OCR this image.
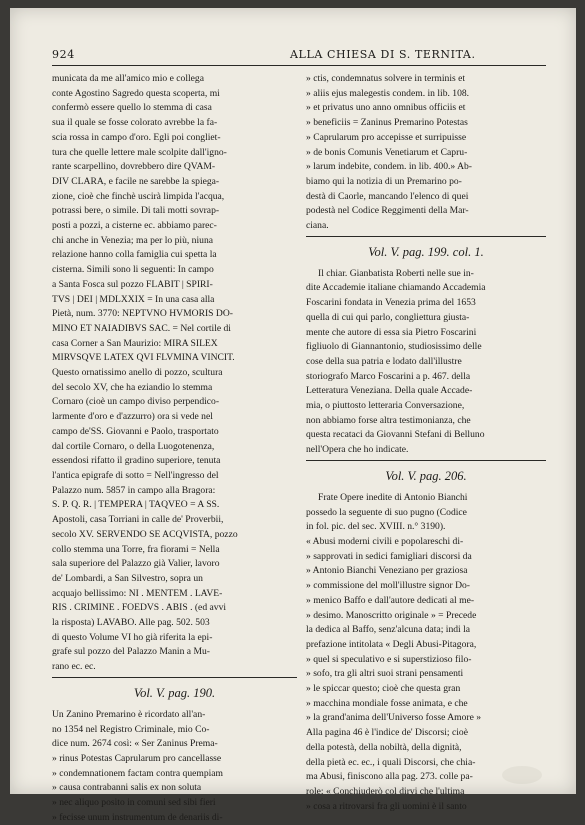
924	ALLA CHIESA DI S. TERNITA.
municata da me all'amico mio e collega
conte Agostino Sagredo questa scoperta, mi
confermò essere quello lo stemma di casa
sua il quale se fosse colorato avrebbe la fa-
scia rossa in campo d'oro. Egli poi congliet-
tura che quelle lettere male scolpite dall'igno-
rante scarpellino, dovrebbero dire QVAM-
DIV CLARA, e facile ne sarebbe la spiega-
zione, cioè che finchè uscirà limpida l'acqua,
potrassi bere, o simile. Di tali motti sovrap-
posti a pozzi, a cisterne ec. abbiamo parec-
chi anche in Venezia; ma per lo più, niuna
relazione hanno colla famiglia cui spetta la
cisterna. Simili sono li seguenti: In campo
a Santa Fosca sul pozzo FLABIT | SPIRI-
TVS | DEI | MDLXXIX = In una casa alla
Pietà, num. 3770: NEPTVNO HVMORIS DO-
MINO ET NAIADIBVS SAC. = Nel cortile di
casa Corner a San Maurizio: MIRA SILEX
MIRVSQVE LATEX QVI FLVMINA VINCIT.
Questo ornatissimo anello di pozzo, scultura
del secolo XV, che ha eziandio lo stemma
Cornaro (cioè un campo diviso perpendico-
larmente d'oro e d'azzurro) ora si vede nel
campo de'SS. Giovanni e Paolo, trasportato
dal cortile Cornaro, o della Luogotenenza,
essendosi rifatto il gradino superiore, tenuta
l'antica epigrafe di sotto = Nell'ingresso del
Palazzo num. 5857 in campo alla Bragora:
S. P. Q. R. | TEMPERA | TAQVEO = A SS.
Apostoli, casa Torriani in calle de' Proverbii,
secolo XV. SERVENDO SE ACQVISTA, pozzo
collo stemma una Torre, fra fiorami = Nella
sala superiore del Palazzo già Valier, lavoro
de' Lombardi, a San Silvestro, sopra un
acquajo bellissimo: NI . MENTEM . LAVE-
RIS . CRIMINE . FOEDVS . ABIS . (ed avvi
la risposta) LAVABO. Alle pag. 502. 503
di questo Volume VI ho già riferita la epi-
grafe sul pozzo del Palazzo Manin a Mu-
rano ec. ec.
Vol. V. pag. 190.
Un Zanino Premarino è ricordato all'an-
no 1354 nel Registro Criminale, mio Co-
dice num. 2674 così: « Ser Zaninus Prema-
» rinus Potestas Caprularum pro cancellasse
» condemnationem factam contra quempiam
» causa contrabanni salis ex non soluta
» nec aliquo posito in comuni sed sibi fieri
» fecisse unum instrumentum de denariis di-
» ctis, condemnatus solvere in terminis et
» aliis ejus malegestis condem. in lib. 108.
» et privatus uno anno omnibus officiis et
» beneficiis = Zaninus Premarino Potestas
» Caprularum pro accepisse et surripuisse
» de bonis Comunis Venetiarum et Capru-
» larum indebite, condem. in lib. 400.» Ab-
biamo qui la notizia di un Premarino po-
destà di Caorle, mancando l'elenco di quei
podestà nel Codice Reggimenti della Mar-
ciana.
Vol. V. pag. 199. col. 1.
Il chiar. Gianbatista Roberti nelle sue in-
dite Accademie italiane chiamando Accademia
Foscarini fondata in Venezia prima del 1653
quella di cui qui parlo, congliettura giusta-
mente che autore di essa sia Pietro Foscarini
figliuolo di Giannantonio, studiosissimo delle
cose della sua patria e lodato dall'illustre
storiografo Marco Foscarini a p. 467. della
Letteratura Veneziana. Della quale Accade-
mia, o piuttosto letteraria Conversazione,
non abbiamo forse altra testimonianza, che
questa recataci da Giovanni Stefani di Belluno
nell'Opera che ho indicate.
Vol. V. pag. 206.
Frate Opere inedite di Antonio Bianchi
possedo la seguente di suo pugno (Codice
in fol. pic. del sec. XVIII. n.° 3190).
« Abusi moderni civili e popolareschi di-
» sapprovati in sedici famigliari discorsi da
» Antonio Bianchi Veneziano per graziosa
» commissione del moll'illustre signor Do-
» menico Baffo e dall'autore dedicati al me-
» desimo. Manoscritto originale » = Precede
la dedica al Baffo, senz'alcuna data; indi la
prefazione intitolata « Degli Abusi-Pitagora,
» quel si speculativo e si superstizioso filo-
» sofo, tra gli altri suoi strani pensamenti
» le spiccar questo; cioè che questa gran
» macchina mondiale fosse animata, e che
» la grand'anima dell'Universo fosse Amore »
Alla pagina 46 è l'indice de' Discorsi; cioè
della potestà, della nobiltà, della dignità,
della pietà ec. ec., i quali Discorsi, che chia-
ma Abusi, finiscono alla pag. 273. colle pa-
role: « Conchiuderò col dirvi che l'ultima
» cosa a ritrovarsi fra gli uomini è il santo
